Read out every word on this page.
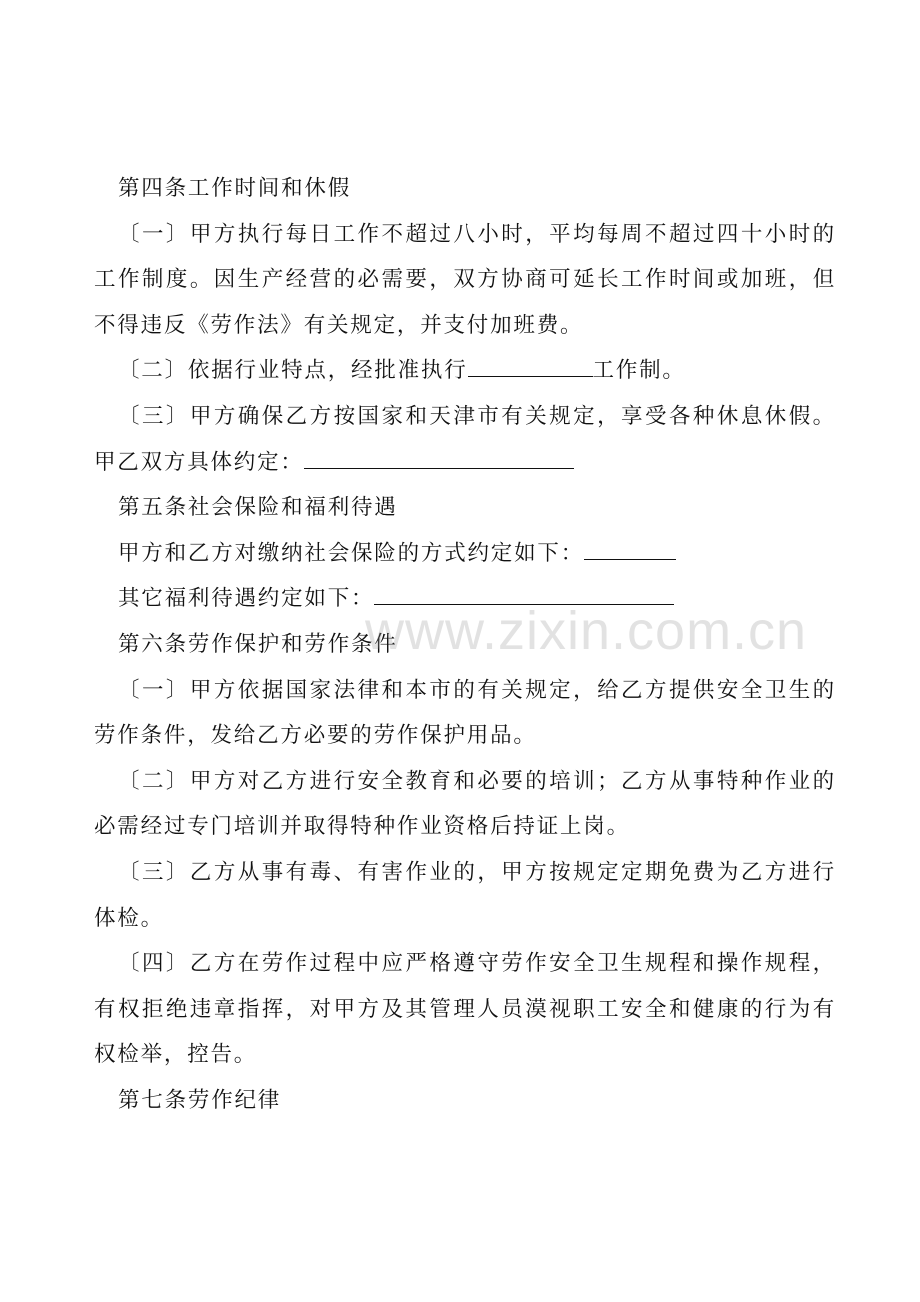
第四条工作时间和休假

〔一〕甲方执行每日工作不超过八小时，平均每周不超过四十小时的工作制度。因生产经营的必需要，双方协商可延长工作时间或加班，但不得违反《劳作法》有关规定，并支付加班费。

〔二〕依据行业特点，经批准执行	工作制。

〔三〕甲方确保乙方按国家和天津市有关规定，享受各种休息休假。甲乙双方具体约定：

第五条社会保险和福利待遇

甲方和乙方对缴纳社会保险的方式约定如下：

其它福利待遇约定如下：

第六条劳作保护和劳作条件

〔一〕甲方依据国家法律和本市的有关规定，给乙方提供安全卫生的劳作条件，发给乙方必要的劳作保护用品。

〔二〕甲方对乙方进行安全教育和必要的培训；乙方从事特种作业的必需经过专门培训并取得特种作业资格后持证上岗。

〔三〕乙方从事有毒、有害作业的，甲方按规定定期免费为乙方进行体检。

〔四〕乙方在劳作过程中应严格遵守劳作安全卫生规程和操作规程，有权拒绝违章指挥，对甲方及其管理人员漠视职工安全和健康的行为有权检举，控告。

第七条劳作纪律

www.zixin.com.cn
